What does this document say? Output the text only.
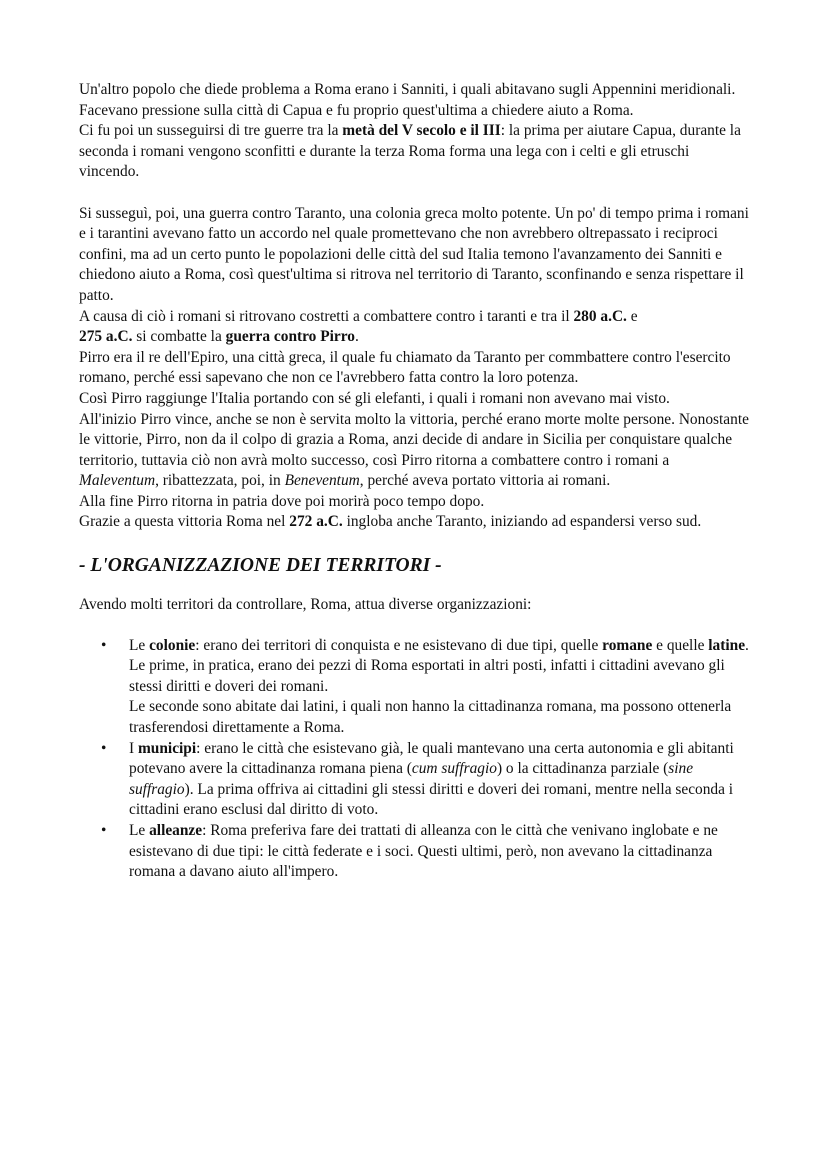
Un'altro popolo che diede problema a Roma erano i Sanniti, i quali abitavano sugli Appennini meridionali. Facevano pressione sulla città di Capua e fu proprio quest'ultima a chiedere aiuto a Roma.

Ci fu poi un susseguirsi di tre guerre tra la metà del V secolo e il III: la prima per aiutare Capua, durante la seconda i romani vengono sconfitti e durante la terza Roma forma una lega con i celti e gli etruschi vincendo.

Si susseguì, poi, una guerra contro Taranto, una colonia greca molto potente. Un po' di tempo prima i romani e i tarantini avevano fatto un accordo nel quale promettevano che non avrebbero oltrepassato i reciproci confini, ma ad un certo punto le popolazioni delle città del sud Italia temono l'avanzamento dei Sanniti e chiedono aiuto a Roma, così quest'ultima si ritrova nel territorio di Taranto, sconfinando e senza rispettare il patto.

A causa di ciò i romani si ritrovano costretti a combattere contro i taranti e tra il 280 a.C. e
275 a.C. si combatte la guerra contro Pirro.

Pirro era il re dell'Epiro, una città greca, il quale fu chiamato da Taranto per commbattere contro l'esercito romano, perché essi sapevano che non ce l'avrebbero fatta contro la loro potenza.

Così Pirro raggiunge l'Italia portando con sé gli elefanti, i quali i romani non avevano mai visto.

All'inizio Pirro vince, anche se non è servita molto la vittoria, perché erano morte molte persone. Nonostante le vittorie, Pirro, non da il colpo di grazia a Roma, anzi decide di andare in Sicilia per conquistare qualche territorio, tuttavia ciò non avrà molto successo, così Pirro ritorna a combattere contro i romani a Maleventum, ribattezzata, poi, in Beneventum, perché aveva portato vittoria ai romani.

Alla fine Pirro ritorna in patria dove poi morirà poco tempo dopo.

Grazie a questa vittoria Roma nel 272 a.C. ingloba anche Taranto, iniziando ad espandersi verso sud.

- L'ORGANIZZAZIONE DEI TERRITORI -

Avendo molti territori da controllare, Roma, attua diverse organizzazioni:

• Le colonie: erano dei territori di conquista e ne esistevano di due tipi, quelle romane e quelle latine. Le prime, in pratica, erano dei pezzi di Roma esportati in altri posti, infatti i cittadini avevano gli stessi diritti e doveri dei romani.
Le seconde sono abitate dai latini, i quali non hanno la cittadinanza romana, ma possono ottenerla trasferendosi direttamente a Roma.
• I municipi: erano le città che esistevano già, le quali mantevano una certa autonomia e gli abitanti potevano avere la cittadinanza romana piena (cum suffragio) o la cittadinanza parziale (sine suffragio). La prima offriva ai cittadini gli stessi diritti e doveri dei romani, mentre nella seconda i cittadini erano esclusi dal diritto di voto.
• Le alleanze: Roma preferiva fare dei trattati di alleanza con le città che venivano inglobate e ne esistevano di due tipi: le città federate e i soci. Questi ultimi, però, non avevano la cittadinanza romana a davano aiuto all'impero.
